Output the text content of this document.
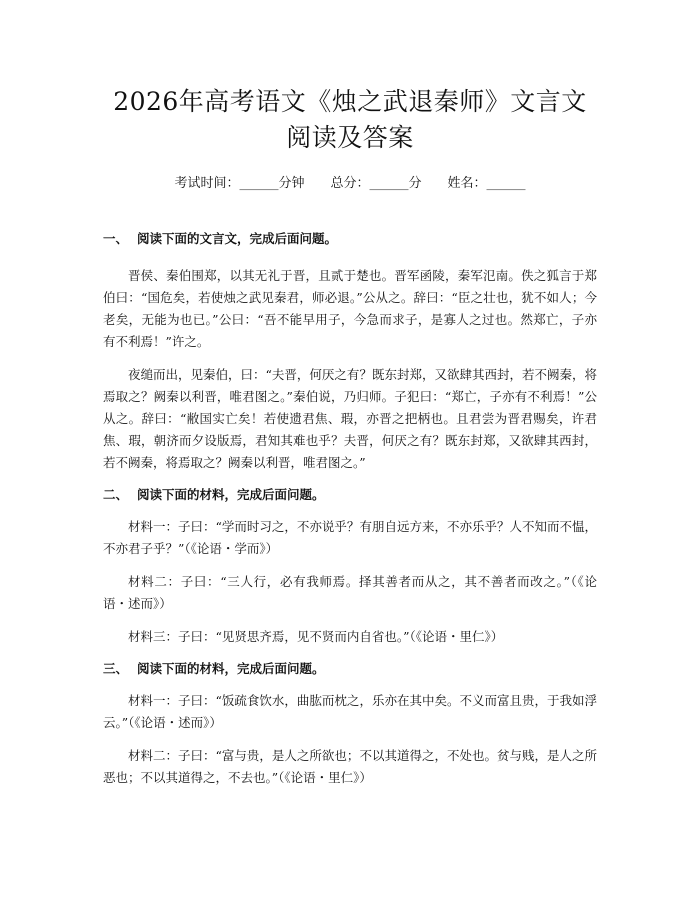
2026年高考语文《烛之武退秦师》文言文阅读及答案
考试时间：______分钟 总分：______分 姓名：______

一、 阅读下面的文言文，完成后面问题。

晋侯、秦伯围郑，以其无礼于晋，且贰于楚也。晋军函陵，秦军氾南。佚之狐言于郑伯曰：“国危矣，若使烛之武见秦君，师必退。”公从之。辞曰：“臣之壮也，犹不如人；今老矣，无能为也已。”公曰：“吾不能早用子，今急而求子，是寡人之过也。然郑亡，子亦有不利焉！”许之。

夜缒而出，见秦伯，曰：“夫晋，何厌之有？既东封郑，又欲肆其西封，若不阙秦，将焉取之？阙秦以利晋，唯君图之。”秦伯说，乃归师。子犯曰：“郑亡，子亦有不利焉！”公从之。辞曰：“敝国实亡矣！若使遗君焦、瑕，亦晋之把柄也。且君尝为晋君赐矣，许君焦、瑕，朝济而夕设版焉，君知其难也乎？夫晋，何厌之有？既东封郑，又欲肆其西封，若不阙秦，将焉取之？阙秦以利晋，唯君图之。”

二、 阅读下面的材料，完成后面问题。

材料一：子曰：“学而时习之，不亦说乎？有朋自远方来，不亦乐乎？人不知而不愠，不亦君子乎？”（《论语・学而》）

材料二：子曰：“三人行，必有我师焉。择其善者而从之，其不善者而改之。”（《论语・述而》）

材料三：子曰：“见贤思齐焉，见不贤而内自省也。”（《论语・里仁》）

三、 阅读下面的材料，完成后面问题。

材料一：子曰：“饭疏食饮水，曲肱而枕之，乐亦在其中矣。不义而富且贵，于我如浮云。”（《论语・述而》）

材料二：子曰：“富与贵，是人之所欲也；不以其道得之，不处也。贫与贱，是人之所恶也；不以其道得之，不去也。”（《论语・里仁》）
